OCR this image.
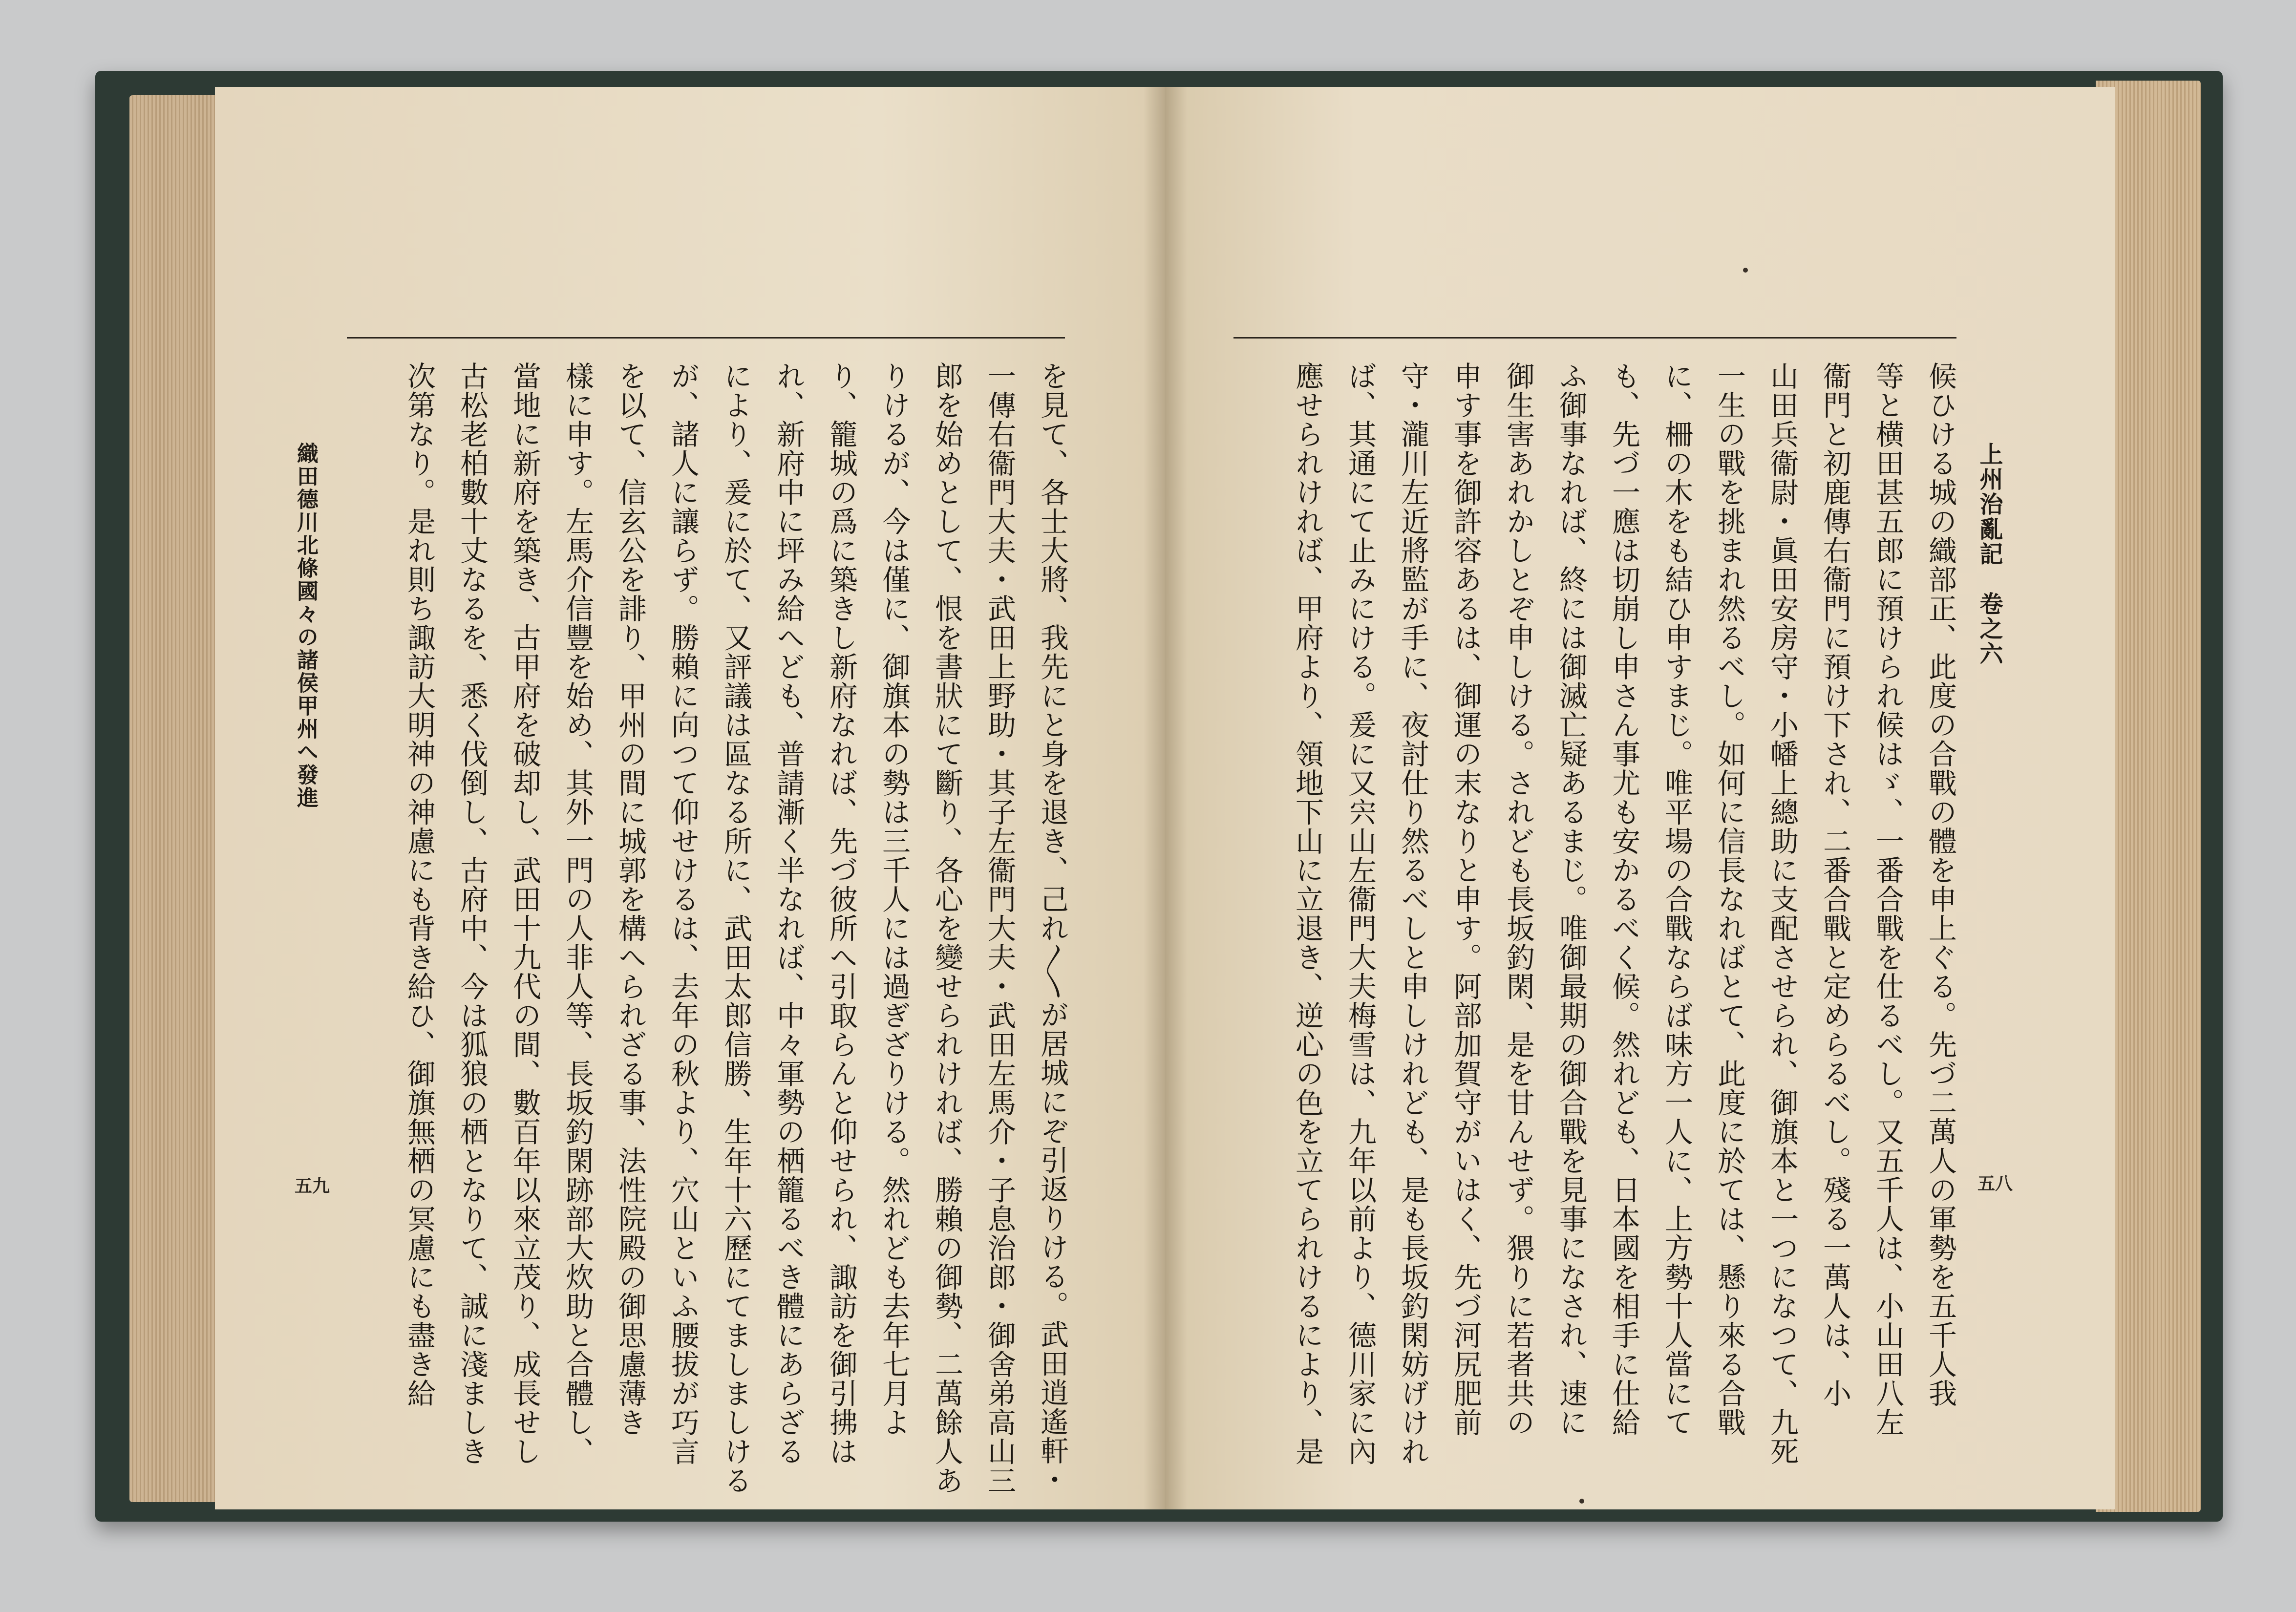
上州治亂記　卷之六
五八
候ひける城の織部正、此度の合戰の體を申上ぐる。先づ二萬人の軍勢を五千人我
等と横田甚五郎に預けられ候はゞ、一番合戰を仕るべし。又五千人は、小山田八左
衞門と初鹿傳右衞門に預け下され、二番合戰と定めらるべし。殘る一萬人は、小
山田兵衞尉・眞田安房守・小幡上總助に支配させられ、御旗本と一つになつて、九死
一生の戰を挑まれ然るべし。如何に信長なればとて、此度に於ては、懸り來る合戰
に、柵の木をも結ひ申すまじ。唯平場の合戰ならば味方一人に、上方勢十人當にて
も、先づ一應は切崩し申さん事尤も安かるべく候。然れども、日本國を相手に仕給
ふ御事なれば、終には御滅亡疑あるまじ。唯御最期の御合戰を見事になされ、速に
御生害あれかしとぞ申しける。されども長坂釣閑、是を甘んせず。猥りに若者共の
申す事を御許容あるは、御運の末なりと申す。阿部加賀守がいはく、先づ河尻肥前
守・瀧川左近將監が手に、夜討仕り然るべしと申しけれども、是も長坂釣閑妨げけれ
ば、其通にて止みにける。爰に又宍山左衞門大夫梅雪は、九年以前より、德川家に內
應せられければ、甲府より、領地下山に立退き、逆心の色を立てられけるにより、是
を見て、各士大將、我先にと身を退き、己れ〳〵が居城にぞ引返りける。武田逍遙軒・
一傳右衞門大夫・武田上野助・其子左衞門大夫・武田左馬介・子息治郎・御舍弟高山三
郎を始めとして、恨を書狀にて斷り、各心を變せられければ、勝賴の御勢、二萬餘人あ
りけるが、今は僅に、御旗本の勢は三千人には過ぎざりける。然れども去年七月よ
り、籠城の爲に築きし新府なれば、先づ彼所へ引取らんと仰せられ、諏訪を御引拂は
れ、新府中に坪み給へども、普請漸く半なれば、中々軍勢の栖籠るべき體にあらざる
により、爰に於て、又評議は區なる所に、武田太郎信勝、生年十六歷にてましましける
が、諸人に讓らず。勝賴に向つて仰せけるは、去年の秋より、穴山といふ腰拔が巧言
を以て、信玄公を誹り、甲州の間に城郭を構へられざる事、法性院殿の御思慮薄き
樣に申す。左馬介信豐を始め、其外一門の人非人等、長坂釣閑跡部大炊助と合體し、
當地に新府を築き、古甲府を破却し、武田十九代の間、數百年以來立茂り、成長せし
古松老柏數十丈なるを、悉く伐倒し、古府中、今は狐狼の栖となりて、誠に淺ましき
次第なり。是れ則ち諏訪大明神の神慮にも背き給ひ、御旗無栖の冥慮にも盡き給
織田德川北條國々の諸侯甲州へ發進
五九
